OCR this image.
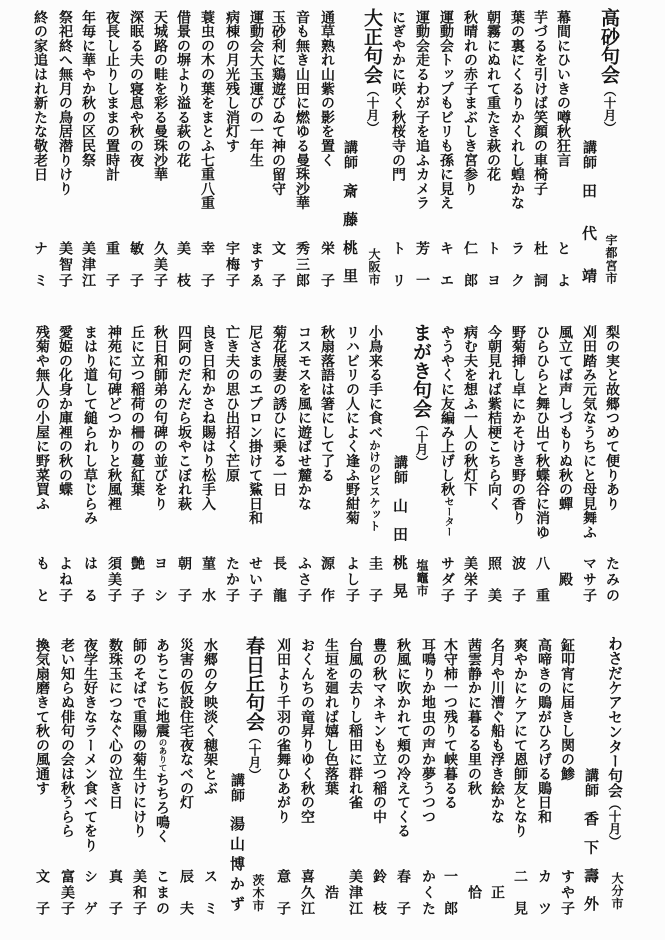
高砂句会（十月）
宇都宮市
講師
田代靖
幕間にひいきの噂秋狂言
とよ
芋づるを引けば笑顔の車椅子
杜詞
葉の裏にくるりかくれし蝗かな
ラク
朝霧にぬれて重たき萩の花
トヨ
秋晴れの赤子まぶしき宮参り
仁郎
運動会トップもビリも孫に見え
キエ
運動会走るわが子を追ふカメラ
芳一
にぎやかに咲く秋桜寺の門
トリ
大正句会（十月）
大阪市
講師
斎藤桃里
通草熟れ山紫の影を置く
栄子
音も無き山田に燃ゆる曼珠沙華
秀三郎
玉砂利に鶏遊びゐて神の留守
文子
運動会大玉運びの一年生
ますゑ
病棟の月光残し消灯す
宇梅子
蓑虫の木の葉をまとふ七重八重
幸子
借景の塀より溢る萩の花
美枝
天城路の畦を彩る曼珠沙華
久美子
深眠る夫の寝息や秋の夜
敏子
夜長し止りしままの置時計
重子
年毎に華やか秋の区民祭
美津江
祭祀終へ無月の鳥居潜りけり
美智子
終の家追はれ新たな敬老日
ナミ
梨の実と故郷つめて便りあり
たみの
刈田踏み元気なうちにと母見舞ふ
マサ子
風立てば声しづもりぬ秋の蟬
殿
ひらひらと舞ひ出て秋蝶谷に消ゆ
八重
野菊挿し卓にかそけき野の香り
波子
今朝見れば紫桔梗こちら向く
照美
病む夫を想ふ一人の秋灯下
美栄子
やうやくに友編み上げし秋セーター
サダ子
まがき句会（十月）
塩竈市
講師
山田桃晃
小鳥来る手に食べかけのビスケット
圭子
リハビリの人によく逢ふ野紺菊
よし子
秋扇落語は箸にして了る
源作
コスモスを風に遊ばせ麓かな
ふさ子
菊花展妻の誘ひに乗る一日
長龍
尼さまのエプロン掛けて鯊日和
せい子
亡き夫の思ひ出招く芒原
たか子
良き日和かさね賜はり松手入
菫水
四阿のだんだら坂やこぼれ萩
朝子
秋日和師弟の句碑の並びをり
ヨシ
丘に立つ稲荷の柵の蔓紅葉
艶子
神苑に句碑どつかりと秋風裡
須美子
まはり道して縋られし草じらみ
はる
愛姫の化身か庫裡の秋の蝶
よね子
残菊や無人の小屋に野菜買ふ
もと
わさだケアセンター句会（十月）
大分市
講師
香下壽外
鉦叩宵に届きし関の鯵
すや子
高啼きの鵙がひろげる鵙日和
カツ
爽やかにケアにて恩師友となり
二見
名月や川漕ぐ船も浮き絵かな
正
茜雲静かに暮るる里の秋
恰
木守柿一つ残りて峡暮るる
一郎
耳鳴りか地虫の声か夢うつつ
かくた
秋風に吹かれて頬の冷えてくる
春子
豊の秋マネキンも立つ稲の中
鈴枝
台風の去りし稲田に群れ雀
美津江
生垣を廻れば嬉し色落葉
浩
おくんちの竜昇りゆく秋の空
喜久江
刈田より千羽の雀舞ひあがり
意子
春日丘句会（十月）
茨木市
講師
湯山博かず
水郷の夕映淡く穂架とぶ
スミ
災害の仮設住宅夜なべの灯
辰夫
あちこちに地震のありてちちろ鳴く
こまの
師のそばで重陽の菊生けにけり
美和子
数珠玉につなぐ心の泣き日
真子
夜学生好きなラーメン食べてをり
シゲ
老い知らぬ俳句の会は秋うらら
富美子
換気扇磨きて秋の風通す
文子
